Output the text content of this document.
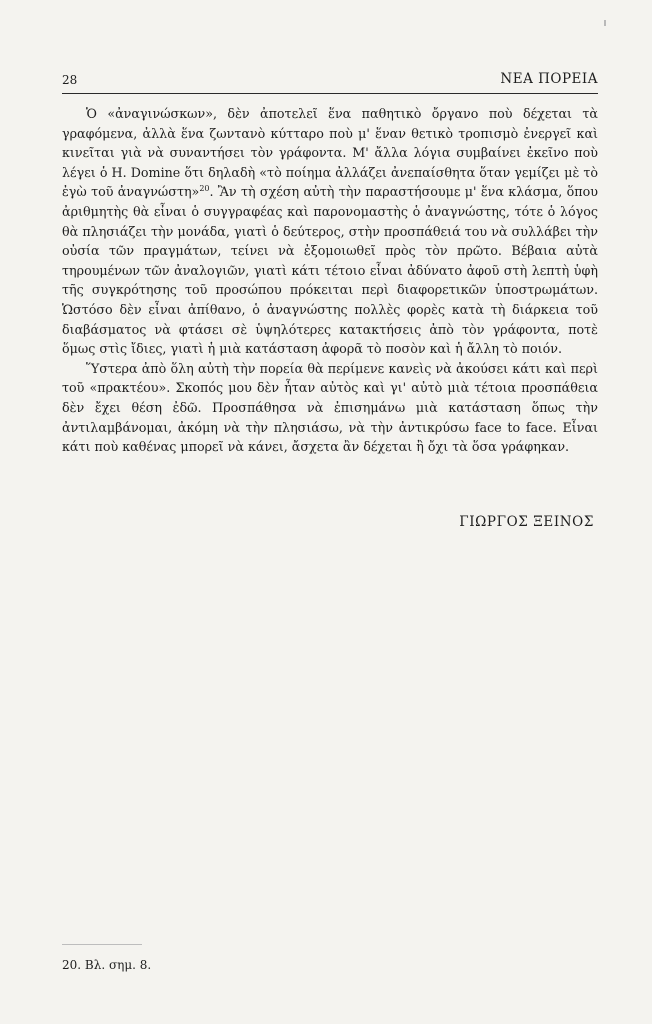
28	ΝΕΑ ΠΟΡΕΙΑ

Ὁ «ἀναγινώσκων», δὲν ἀποτελεῖ ἕνα παθητικὸ ὄργανο ποὺ δέχεται τὰ γραφόμενα, ἀλλὰ ἕνα ζωντανὸ κύτταρο ποὺ μ' ἕναν θετικὸ τροπισμὸ ἐνεργεῖ καὶ κινεῖται γιὰ νὰ συναντήσει τὸν γράφοντα. Μ' ἄλλα λόγια συμβαίνει ἐκεῖνο ποὺ λέγει ὁ Η. Domine ὅτι δηλαδὴ «τὸ ποίημα ἀλλάζει ἀνεπαίσθητα ὅταν γεμίζει μὲ τὸ ἐγὼ τοῦ ἀναγνώστη»$^{20}$. Ἂν τὴ σχέση αὐτὴ τὴν παραστήσουμε μ' ἕνα κλάσμα, ὅπου ἀριθμητὴς θὰ εἶναι ὁ συγγραφέας καὶ παρονομαστὴς ὁ ἀναγνώστης, τότε ὁ λόγος θὰ πλησιάζει τὴν μονάδα, γιατὶ ὁ δεύτερος, στὴν προσπάθειά του νὰ συλλάβει τὴν οὐσία τῶν πραγμάτων, τείνει νὰ ἐξομοιωθεῖ πρὸς τὸν πρῶτο. Βέβαια αὐτὰ τηρουμένων τῶν ἀναλογιῶν, γιατὶ κάτι τέτοιο εἶναι ἀδύνατο ἀφοῦ στὴ λεπτὴ ὑφὴ τῆς συγκρότησης τοῦ προσώπου πρόκειται περὶ διαφορετικῶν ὑποστρωμάτων. Ὡστόσο δὲν εἶναι ἀπίθανο, ὁ ἀναγνώστης πολλὲς φορὲς κατὰ τὴ διάρκεια τοῦ διαβάσματος νὰ φτάσει σὲ ὑψηλότερες κατακτήσεις ἀπὸ τὸν γράφοντα, ποτὲ ὅμως στὶς ἴδιες, γιατὶ ἡ μιὰ κατάσταση ἀφορᾶ τὸ ποσὸν καὶ ἡ ἄλλη τὸ ποιόν.

Ὕστερα ἀπὸ ὅλη αὐτὴ τὴν πορεία θὰ περίμενε κανεὶς νὰ ἀκούσει κάτι καὶ περὶ τοῦ «πρακτέου». Σκοπός μου δὲν ἦταν αὐτὸς καὶ γι' αὐτὸ μιὰ τέτοια προσπάθεια δὲν ἔχει θέση ἐδῶ. Προσπάθησα νὰ ἐπισημάνω μιὰ κατάσταση ὅπως τὴν ἀντιλαμβάνομαι, ἀκόμη νὰ τὴν πλησιάσω, νὰ τὴν ἀντικρύσω face to face. Εἶναι κάτι ποὺ καθένας μπορεῖ νὰ κάνει, ἄσχετα ἂν δέχεται ἢ ὄχι τὰ ὅσα γράφηκαν.

ΓΙΩΡΓΟΣ ΞΕΙΝΟΣ
20. Βλ. σημ. 8.
